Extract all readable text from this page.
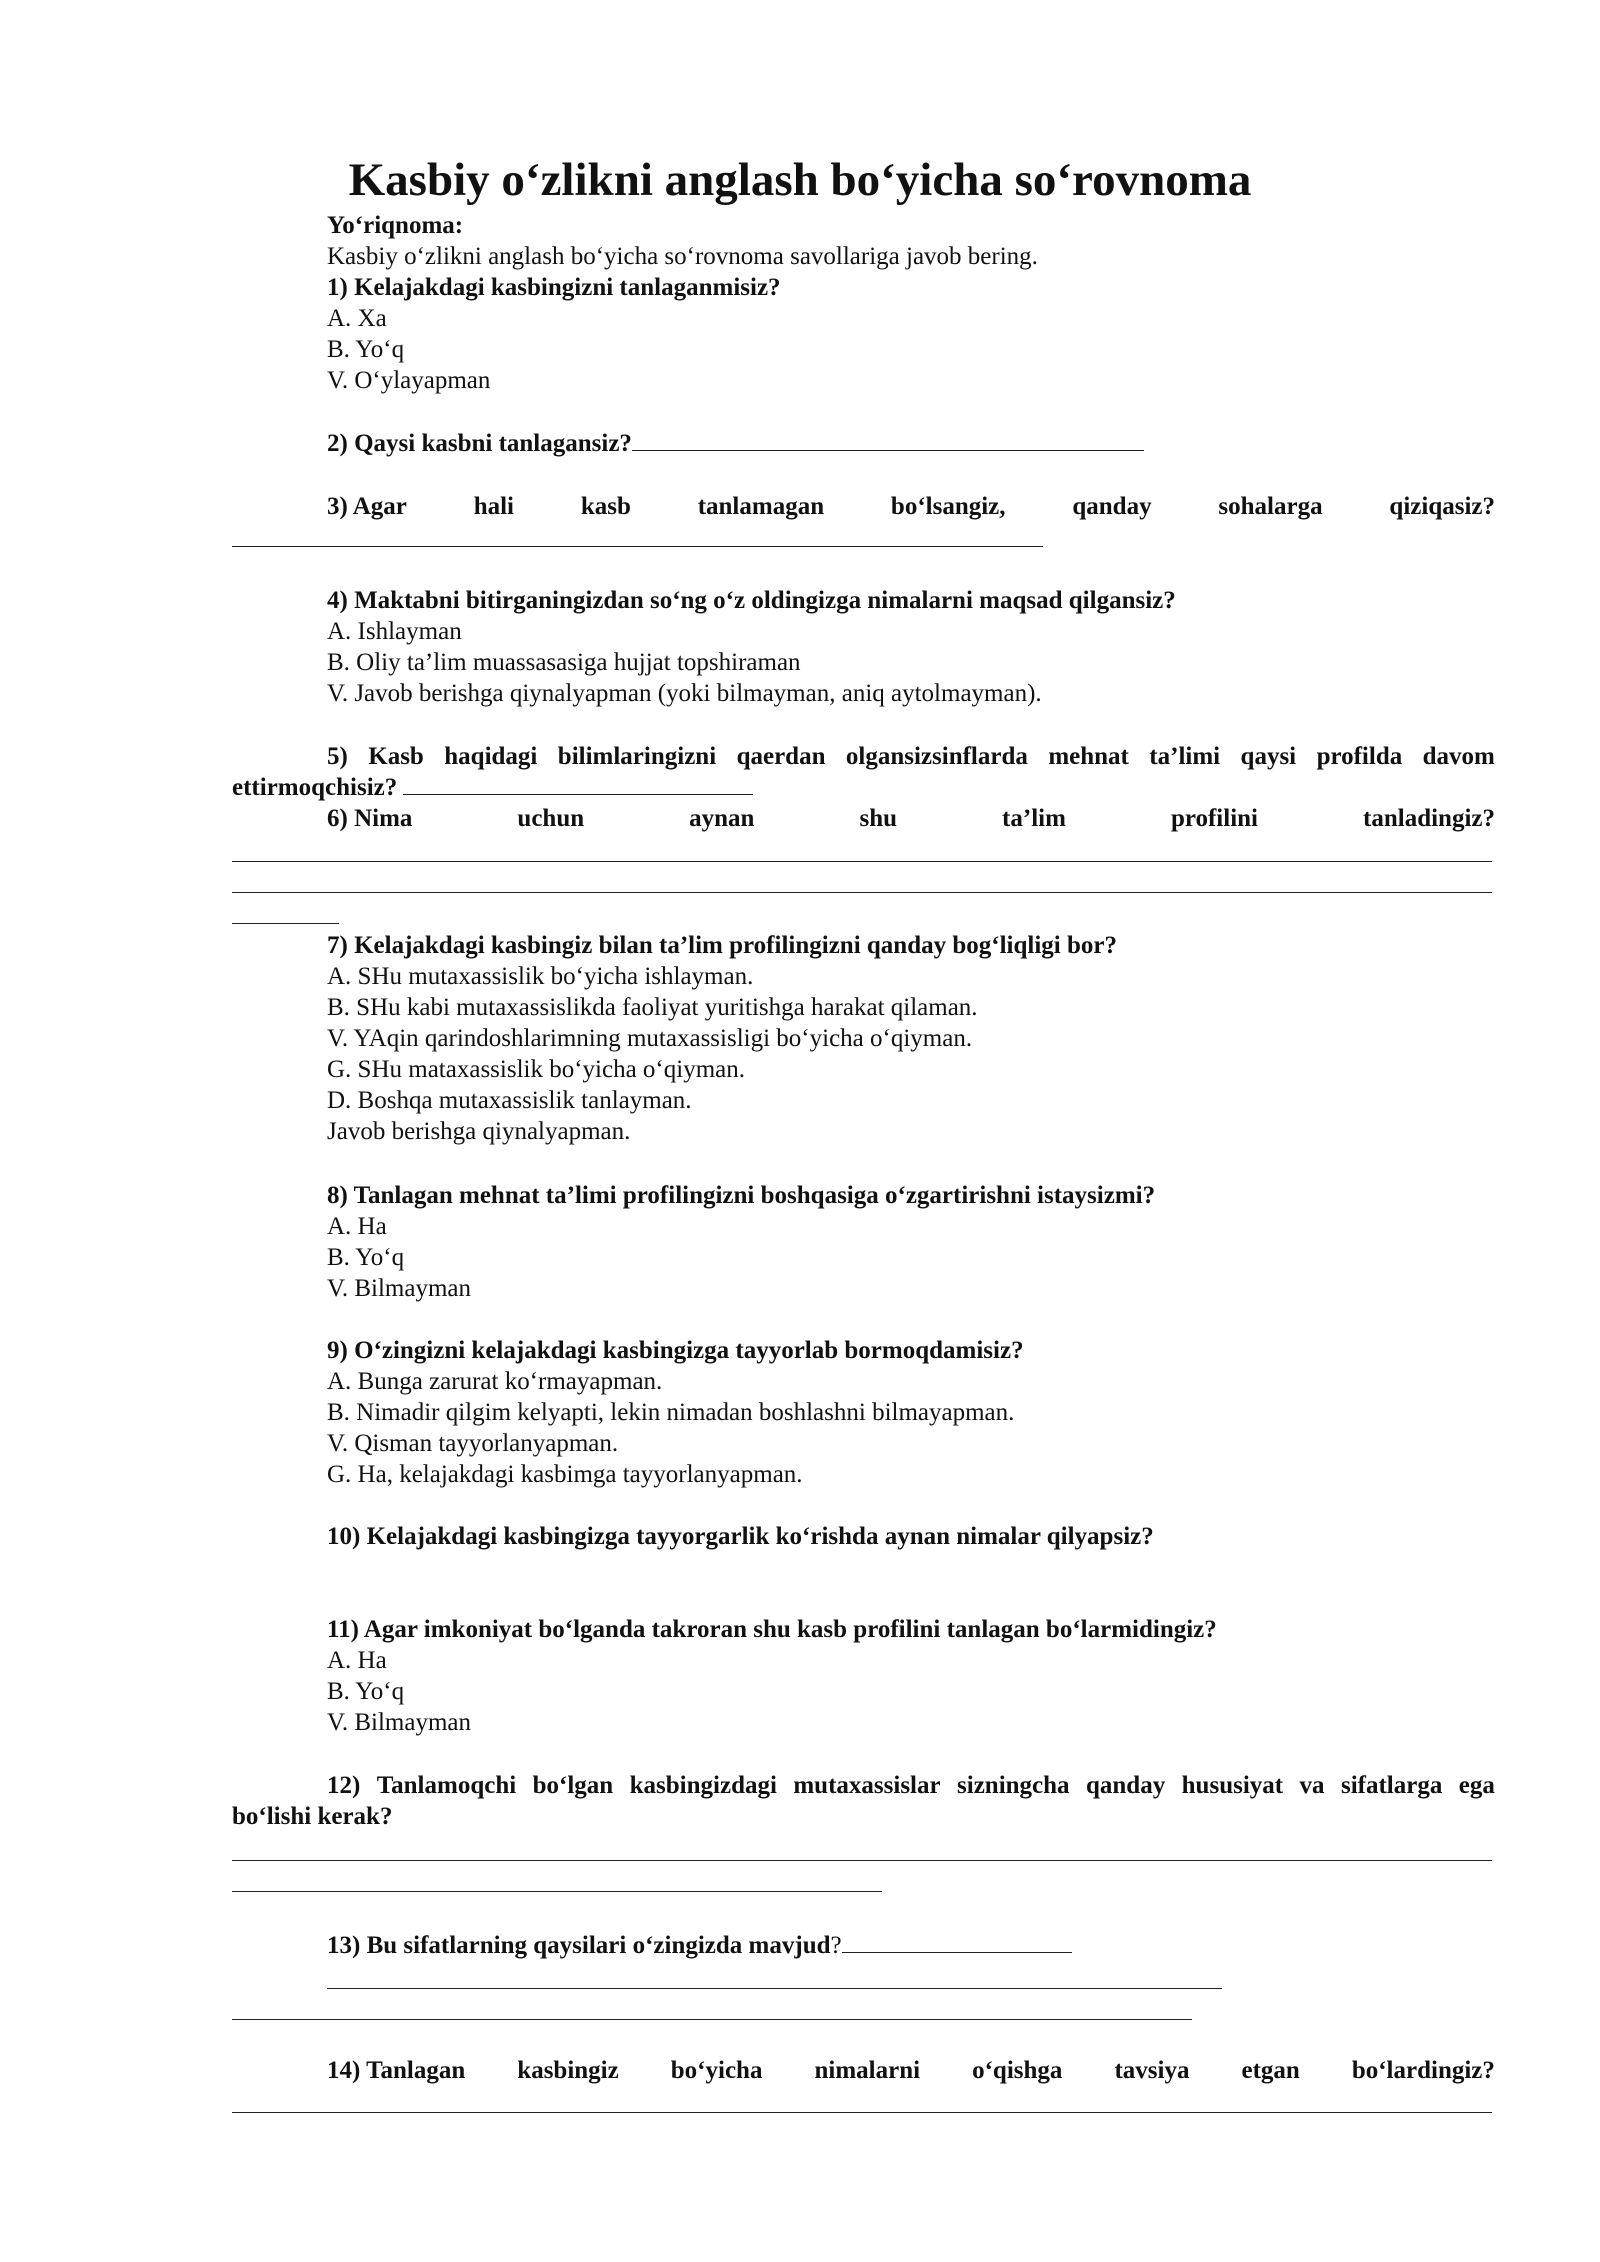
Kasbiy o‘zlikni anglash bo‘yicha so‘rovnoma
Yo‘riqnoma:
Kasbiy o‘zlikni anglash bo‘yicha so‘rovnoma savollariga javob bering.
1) Kelajakdagi kasbingizni tanlaganmisiz?
A. Xa
B. Yo‘q
V. O‘ylayapman
2) Qaysi kasbni tanlagansiz?
3) Agar	hali	kasb	tanlamagan	bo‘lsangiz,	qanday	sohalarga	qiziqasiz?
4) Maktabni bitirganingizdan so‘ng o‘z oldingizga nimalarni maqsad qilgansiz?
A. Ishlayman
B. Oliy ta’lim muassasasiga hujjat topshiraman
V. Javob berishga qiynalyapman (yoki bilmayman, aniq aytolmayman).
5) Kasb haqidagi bilimlaringizni qaerdan olgansizsinflarda mehnat ta’limi qaysi profilda davom
ettirmoqchisiz?
6) Nima	uchun	aynan	shu	ta’lim	profilini	tanladingiz?
7) Kelajakdagi kasbingiz bilan ta’lim profilingizni qanday bog‘liqligi bor?
A. SHu mutaxassislik bo‘yicha ishlayman.
B. SHu kabi mutaxassislikda faoliyat yuritishga harakat qilaman.
V. YAqin qarindoshlarimning mutaxassisligi bo‘yicha o‘qiyman.
G. SHu mataxassislik bo‘yicha o‘qiyman.
D. Boshqa mutaxassislik tanlayman.
Javob berishga qiynalyapman.
8) Tanlagan mehnat ta’limi profilingizni boshqasiga o‘zgartirishni istaysizmi?
A. Ha
B. Yo‘q
V. Bilmayman
9) O‘zingizni kelajakdagi kasbingizga tayyorlab bormoqdamisiz?
A. Bunga zarurat ko‘rmayapman.
B. Nimadir qilgim kelyapti, lekin nimadan boshlashni bilmayapman.
V. Qisman tayyorlanyapman.
G. Ha, kelajakdagi kasbimga tayyorlanyapman.
10) Kelajakdagi kasbingizga tayyorgarlik ko‘rishda aynan nimalar qilyapsiz?
11) Agar imkoniyat bo‘lganda takroran shu kasb profilini tanlagan bo‘larmidingiz?
A. Ha
B. Yo‘q
V. Bilmayman
12) Tanlamoqchi bo‘lgan kasbingizdagi mutaxassislar sizningcha qanday hususiyat va sifatlarga ega
bo‘lishi kerak?
13) Bu sifatlarning qaysilari o‘zingizda mavjud?
14) Tanlagan kasbingiz bo‘yicha nimalarni o‘qishga tavsiya etgan bo‘lardingiz?
